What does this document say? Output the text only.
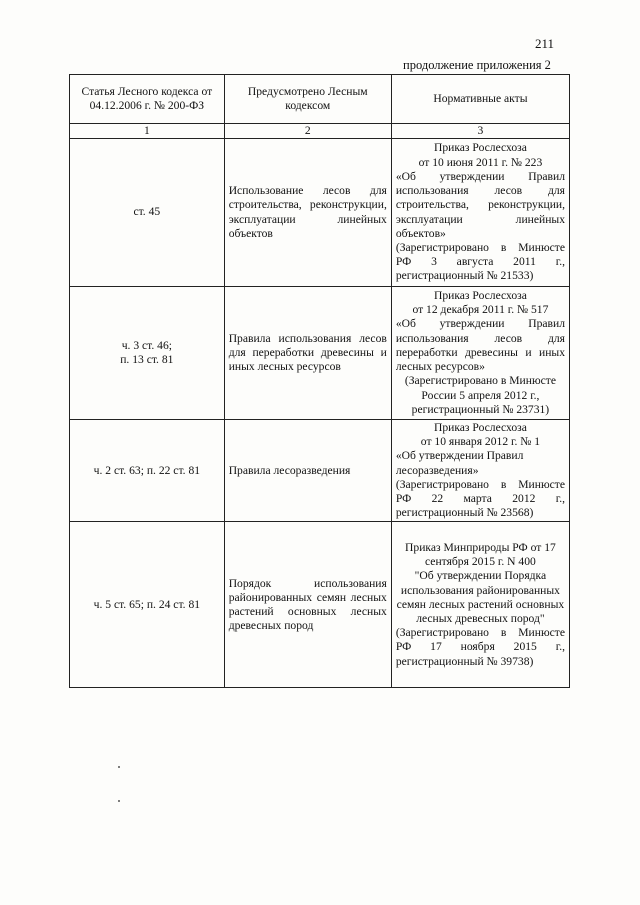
211
продолжение приложения 2
Статья Лесного кодекса от 04.12.2006 г. № 200-ФЗ	Предусмотрено Лесным кодексом	Нормативные акты
1	2	3
ст. 45	Использование лесов для строительства, реконструкции, эксплуатации линейных объектов	Приказ Рослесхоза
от 10 июня 2011 г. № 223
«Об утверждении Правил использования лесов для строительства, реконструкции, эксплуатации линейных объектов»
(Зарегистрировано в Минюсте РФ 3 августа 2011 г., регистрационный № 21533)

ч. 3 ст. 46;
п. 13 ст. 81	Правила использования лесов для переработки древесины и иных лесных ресурсов	Приказ Рослесхоза
от 12 декабря 2011 г. № 517
«Об утверждении Правил использования лесов для переработки древесины и иных лесных ресурсов»
(Зарегистрировано в Минюсте России 5 апреля 2012 г., регистрационный № 23731)

ч. 2 ст. 63; п. 22 ст. 81	Правила лесоразведения	Приказ Рослесхоза
от 10 января 2012 г. № 1
«Об утверждении Правил лесоразведения»
(Зарегистрировано в Минюсте РФ 22 марта 2012 г., регистрационный № 23568)

ч. 5 ст. 65; п. 24 ст. 81	Порядок использования районированных семян лесных растений основных лесных древесных пород	Приказ Минприроды РФ от 17 сентября 2015 г. N 400
"Об утверждении Порядка использования районированных семян лесных растений основных лесных древесных пород"
(Зарегистрировано в Минюсте РФ 17 ноября 2015 г., регистрационный № 39738)
